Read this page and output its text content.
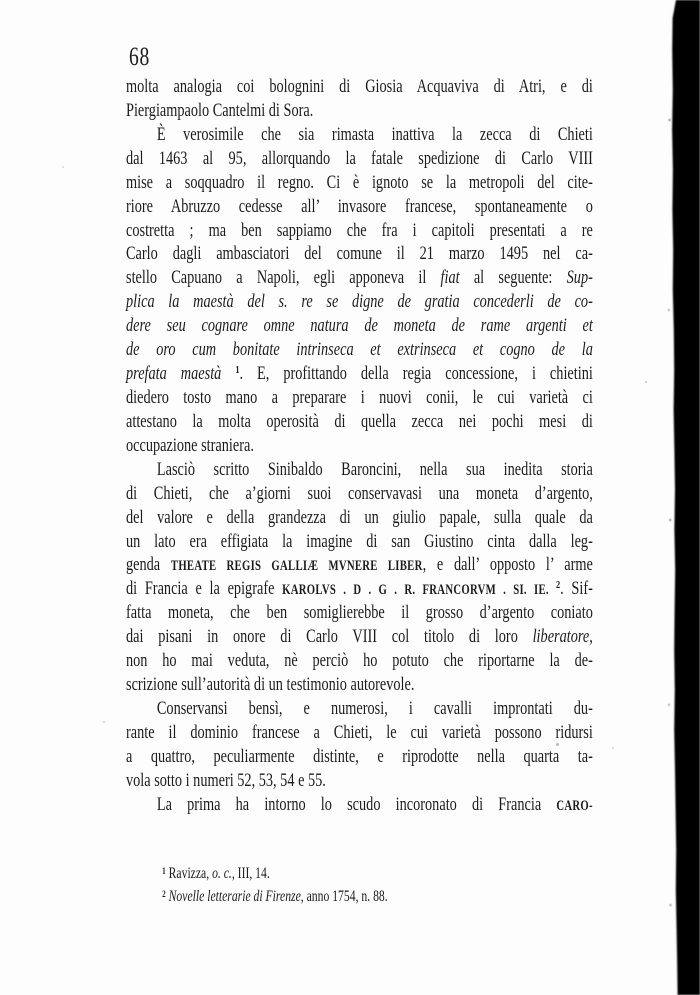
68
molta analogia coi bolognini di Giosia Acquaviva di Atri, e di
Piergiampaolo Cantelmi di Sora.
È verosimile che sia rimasta inattiva la zecca di Chieti
dal 1463 al 95, allorquando la fatale spedizione di Carlo VIII
mise a soqquadro il regno. Ci è ignoto se la metropoli del cite-
riore Abruzzo cedesse all’ invasore francese, spontaneamente o
costretta ; ma ben sappiamo che fra i capitoli presentati a re
Carlo dagli ambasciatori del comune il 21 marzo 1495 nel ca-
stello Capuano a Napoli, egli apponeva il fiat al seguente: Sup-
plica la maestà del s. re se digne de gratia concederli de co-
dere seu cognare omne natura de moneta de rame argenti et
de oro cum bonitate intrinseca et extrinseca et cogno de la
prefata maestà $^1$. E, profittando della regia concessione, i chietini
diedero tosto mano a preparare i nuovi conii, le cui varietà ci
attestano la molta operosità di quella zecca nei pochi mesi di
occupazione straniera.
Lasciò scritto Sinibaldo Baroncini, nella sua inedita storia
di Chieti, che a’giorni suoi conservavasi una moneta d’argento,
del valore e della grandezza di un giulio papale, sulla quale da
un lato era effigiata la imagine di san Giustino cinta dalla leg-
genda THEATE REGIS GALLIÆ MVNERE LIBER, e dall’ opposto l’ arme
di Francia e la epigrafe KAROLVS . D . G . R. FRANCORVM . SI. IE. $^2$. Sif-
fatta moneta, che ben somiglierebbe il grosso d’argento coniato
dai pisani in onore di Carlo VIII col titolo di loro liberatore,
non ho mai veduta, nè perciò ho potuto che riportarne la de-
scrizione sull’autorità di un testimonio autorevole.
Conservansi bensì, e numerosi, i cavalli improntati du-
rante il dominio francese a Chieti, le cui varietà possono ridursi
a quattro, peculiarmente distinte, e riprodotte nella quarta ta-
vola sotto i numeri 52, 53, 54 e 55.
La prima ha intorno lo scudo incoronato di Francia CARO-
$^1$ Ravizza, o. c., III, 14.
$^2$ Novelle letterarie di Firenze, anno 1754, n. 88.
